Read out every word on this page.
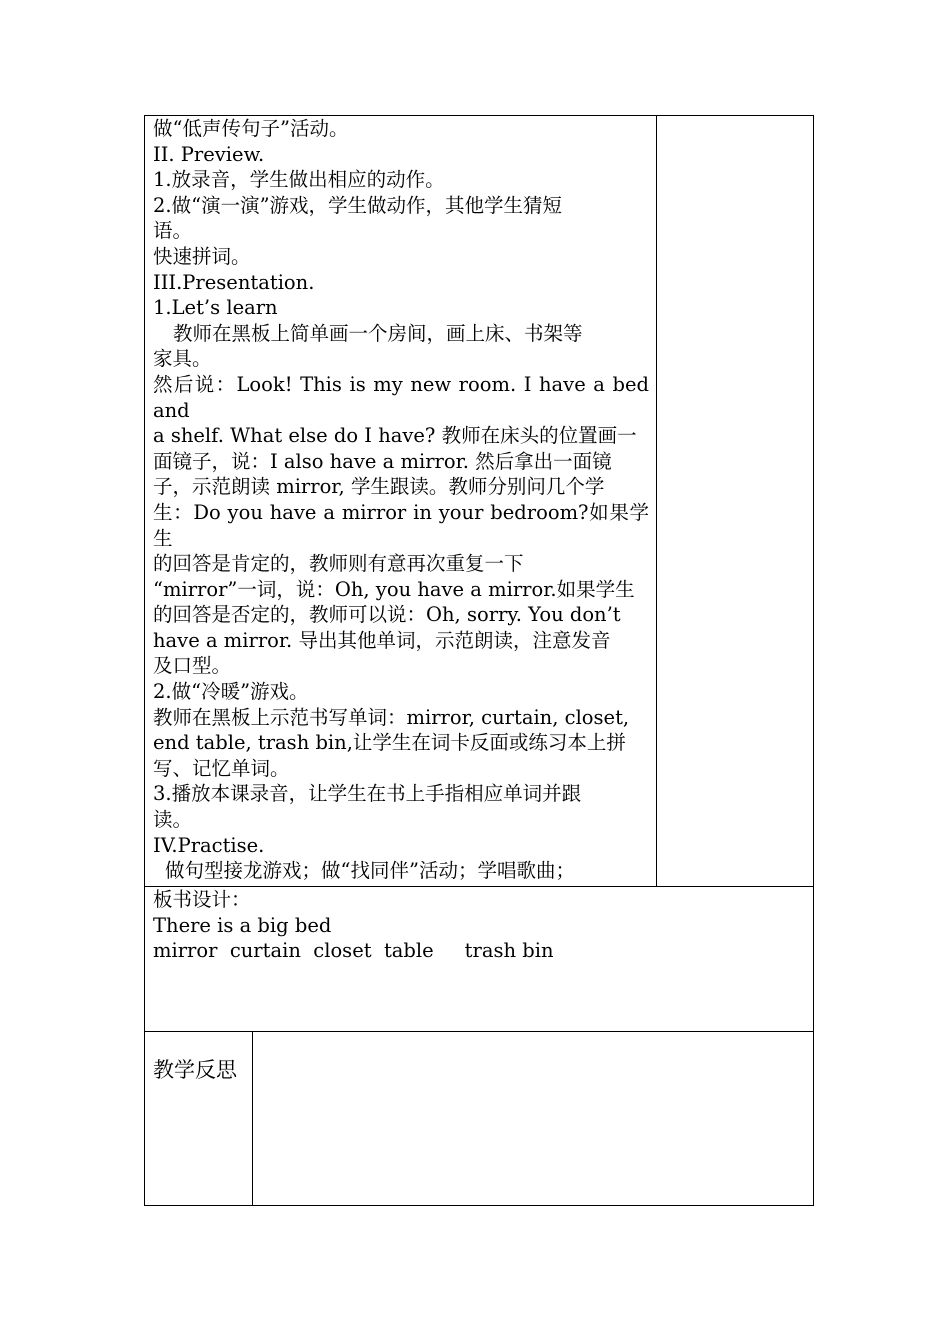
做“低声传句子”活动。
II. Preview.
1.放录音，学生做出相应的动作。
2.做“演一演”游戏，学生做动作，其他学生猜短
语。
快速拼词。
III.Presentation.
1.Let’s learn
教师在黑板上简单画一个房间，画上床、书架等
家具。
然后说：Look! This is my new room. I have a bed and
a shelf. What else do I have? 教师在床头的位置画一
面镜子，说：I also have a mirror. 然后拿出一面镜
子，示范朗读 mirror, 学生跟读。教师分别问几个学
生：Do you have a mirror in your bedroom?如果学生
的回答是肯定的，教师则有意再次重复一下
“mirror”一词，说：Oh, you have a mirror.如果学生
的回答是否定的，教师可以说：Oh, sorry. You don’t
have a mirror. 导出其他单词，示范朗读，注意发音
及口型。
2.做“冷暖”游戏。
教师在黑板上示范书写单词：mirror, curtain, closet,
end table, trash bin,让学生在词卡反面或练习本上拼
写、记忆单词。
3.播放本课录音，让学生在书上手指相应单词并跟
读。
IV.Practise.
做句型接龙游戏；做“找同伴”活动；学唱歌曲；
板书设计：
There is a big bed
mirror  curtain  closet  table     trash bin
教学反思
